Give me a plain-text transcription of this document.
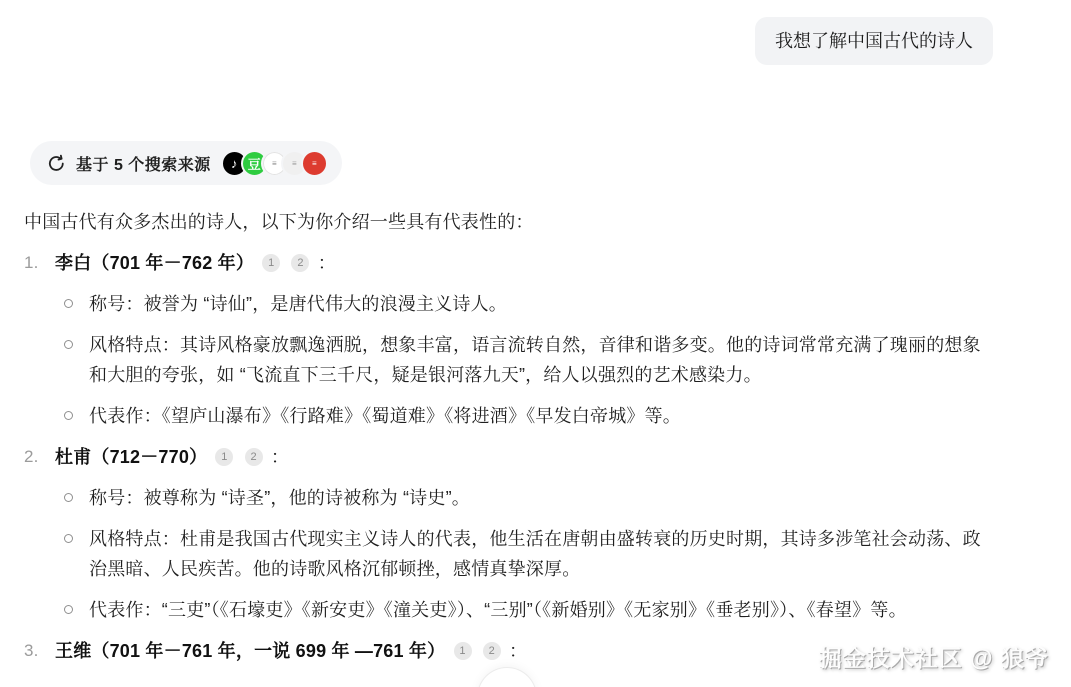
我想了解中国古代的诗人
基于 5 个搜索来源	♪ 豆	≡	≡	≡

中国古代有众多杰出的诗人，以下为你介绍一些具有代表性的：

1. 李白（701 年－762 年） 1 2 ：

称号：被誉为 “诗仙”，是唐代伟大的浪漫主义诗人。

风格特点：其诗风格豪放飘逸洒脱，想象丰富，语言流转自然，音律和谐多变。他的诗词常常充满了瑰丽的想象和大胆的夸张，如 “飞流直下三千尺，疑是银河落九天”，给人以强烈的艺术感染力。

代表作：《望庐山瀑布》《行路难》《蜀道难》《将进酒》《早发白帝城》等。

2. 杜甫（712－770） 1 2 ：

称号：被尊称为 “诗圣”，他的诗被称为 “诗史”。

风格特点：杜甫是我国古代现实主义诗人的代表，他生活在唐朝由盛转衰的历史时期，其诗多涉笔社会动荡、政治黑暗、人民疾苦。他的诗歌风格沉郁顿挫，感情真挚深厚。

代表作：“三吏”（《石壕吏》《新安吏》《潼关吏》）、“三别”（《新婚别》《无家别》《垂老别》）、《春望》等。

3. 王维（701 年－761 年，一说 699 年 —761 年） 1 2 ：	掘金技术社区 @ 狼爷
